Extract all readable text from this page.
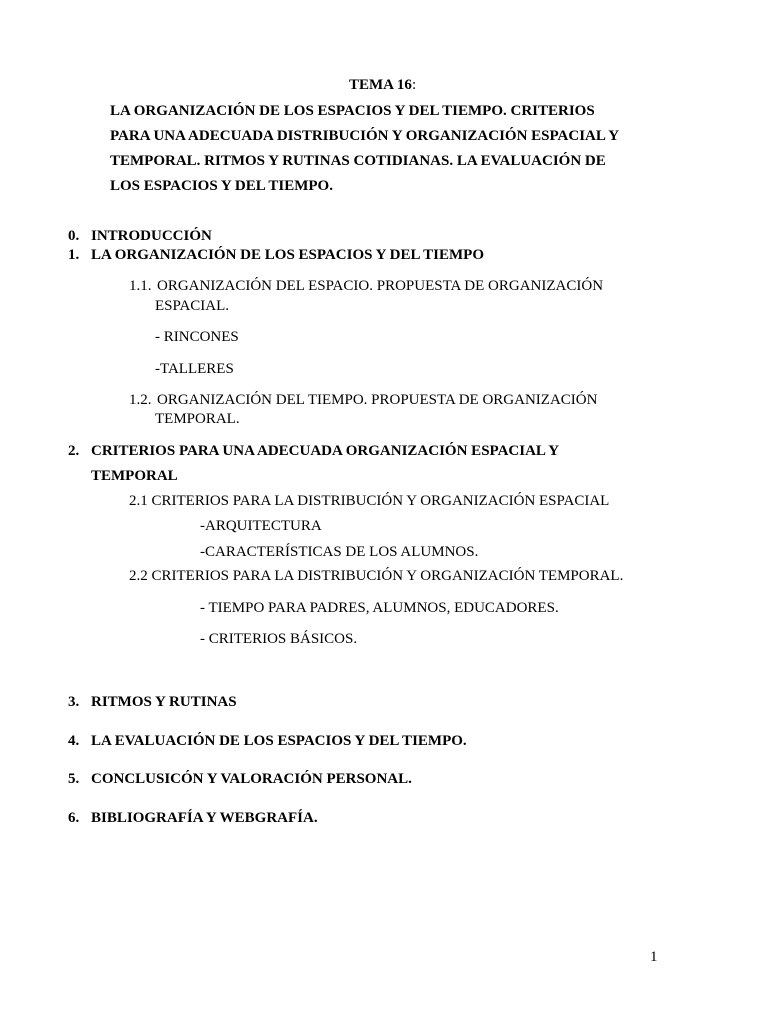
TEMA 16:
LA ORGANIZACIÓN DE LOS ESPACIOS Y DEL TIEMPO. CRITERIOS
PARA UNA ADECUADA DISTRIBUCIÓN Y ORGANIZACIÓN ESPACIAL Y
TEMPORAL. RITMOS Y RUTINAS COTIDIANAS. LA EVALUACIÓN DE
LOS ESPACIOS Y DEL TIEMPO.
0. INTRODUCCIÓN
1. LA ORGANIZACIÓN DE LOS ESPACIOS Y DEL TIEMPO
1.1. ORGANIZACIÓN DEL ESPACIO. PROPUESTA DE ORGANIZACIÓN
ESPACIAL.
- RINCONES
-TALLERES
1.2. ORGANIZACIÓN DEL TIEMPO. PROPUESTA DE ORGANIZACIÓN
TEMPORAL.
2. CRITERIOS PARA UNA ADECUADA ORGANIZACIÓN ESPACIAL Y
TEMPORAL
2.1 CRITERIOS PARA LA DISTRIBUCIÓN Y ORGANIZACIÓN ESPACIAL
-ARQUITECTURA
-CARACTERÍSTICAS DE LOS ALUMNOS.
2.2 CRITERIOS PARA LA DISTRIBUCIÓN Y ORGANIZACIÓN TEMPORAL.
- TIEMPO PARA PADRES, ALUMNOS, EDUCADORES.
- CRITERIOS BÁSICOS.
3. RITMOS Y RUTINAS
4. LA EVALUACIÓN DE LOS ESPACIOS Y DEL TIEMPO.
5. CONCLUSICÓN Y VALORACIÓN PERSONAL.
6. BIBLIOGRAFÍA Y WEBGRAFÍA.
1
